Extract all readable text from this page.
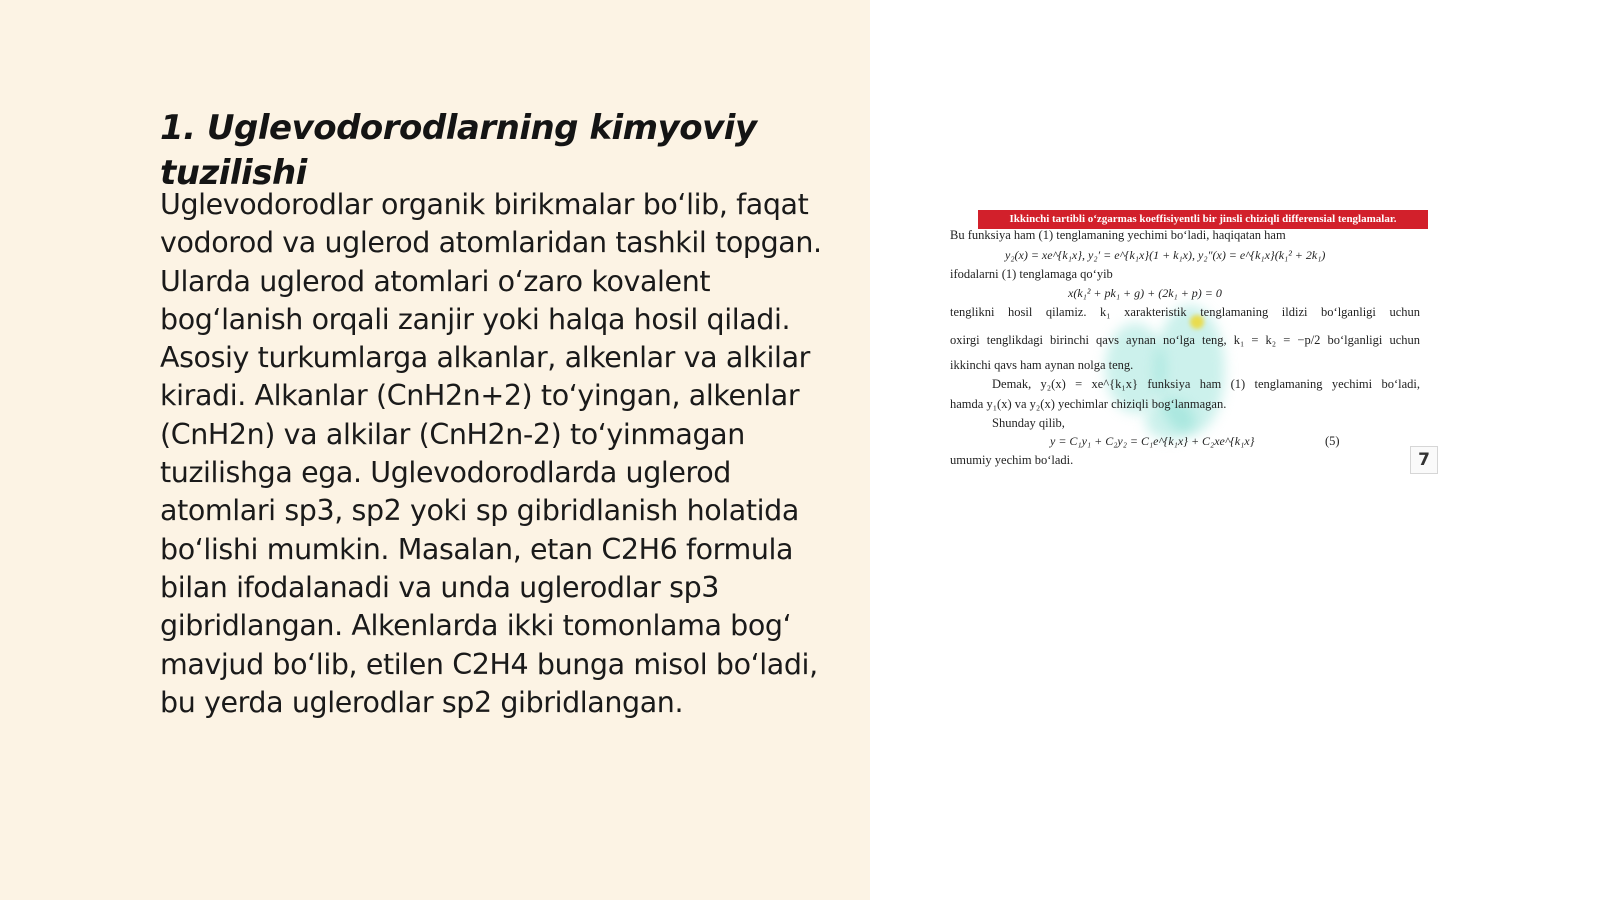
1. Uglevodorodlarning kimyoviy tuzilishi

Uglevodorodlar organik birikmalar bo‘lib, faqat vodorod va uglerod atomlaridan tashkil topgan. Ularda uglerod atomlari o‘zaro kovalent bog‘lanish orqali zanjir yoki halqa hosil qiladi. Asosiy turkumlarga alkanlar, alkenlar va alkilar kiradi. Alkanlar (CnH2n+2) to‘yingan, alkenlar (CnH2n) va alkilar (CnH2n-2) to‘yinmagan tuzilishga ega. Uglevodorodlarda uglerod atomlari sp3, sp2 yoki sp gibridlanish holatida bo‘lishi mumkin. Masalan, etan C2H6 formula bilan ifodalanadi va unda uglerodlar sp3 gibridlangan. Alkenlarda ikki tomonlama bog‘ mavjud bo‘lib, etilen C2H4 bunga misol bo‘ladi, bu yerda uglerodlar sp2 gibridlangan.

Ikkinchi tartibli o‘zgarmas koeffisiyentli bir jinsli chiziqli differensial tenglamalar.
Bu funksiya ham (1) tenglamaning yechimi bo‘ladi, haqiqatan ham
y₂(x) = xe^{k₁x}, y₂′ = e^{k₁x}(1 + k₁x), y₂″(x) = e^{k₁x}(k₁² + 2k₁)
ifodalarni (1) tenglamaga qo‘yib
x(k₁² + pk₁ + g) + (2k₁ + p) = 0
tenglikni hosil qilamiz. k₁ xarakteristik tenglamaning ildizi bo‘lganligi uchun
oxirgi tenglikdagi birinchi qavs aynan no‘lga teng, k₁ = k₂ = −p/2 bo‘lganligi uchun
ikkinchi qavs ham aynan nolga teng.
Demak, y₂(x) = xe^{k₁x} funksiya ham (1) tenglamaning yechimi bo‘ladi,
hamda y₁(x) va y₂(x) yechimlar chiziqli bog‘lanmagan.
Shunday qilib,
y = C₁y₁ + C₂y₂ = C₁e^{k₁x} + C₂xe^{k₁x}	(5)
umumiy yechim bo‘ladi.	7
